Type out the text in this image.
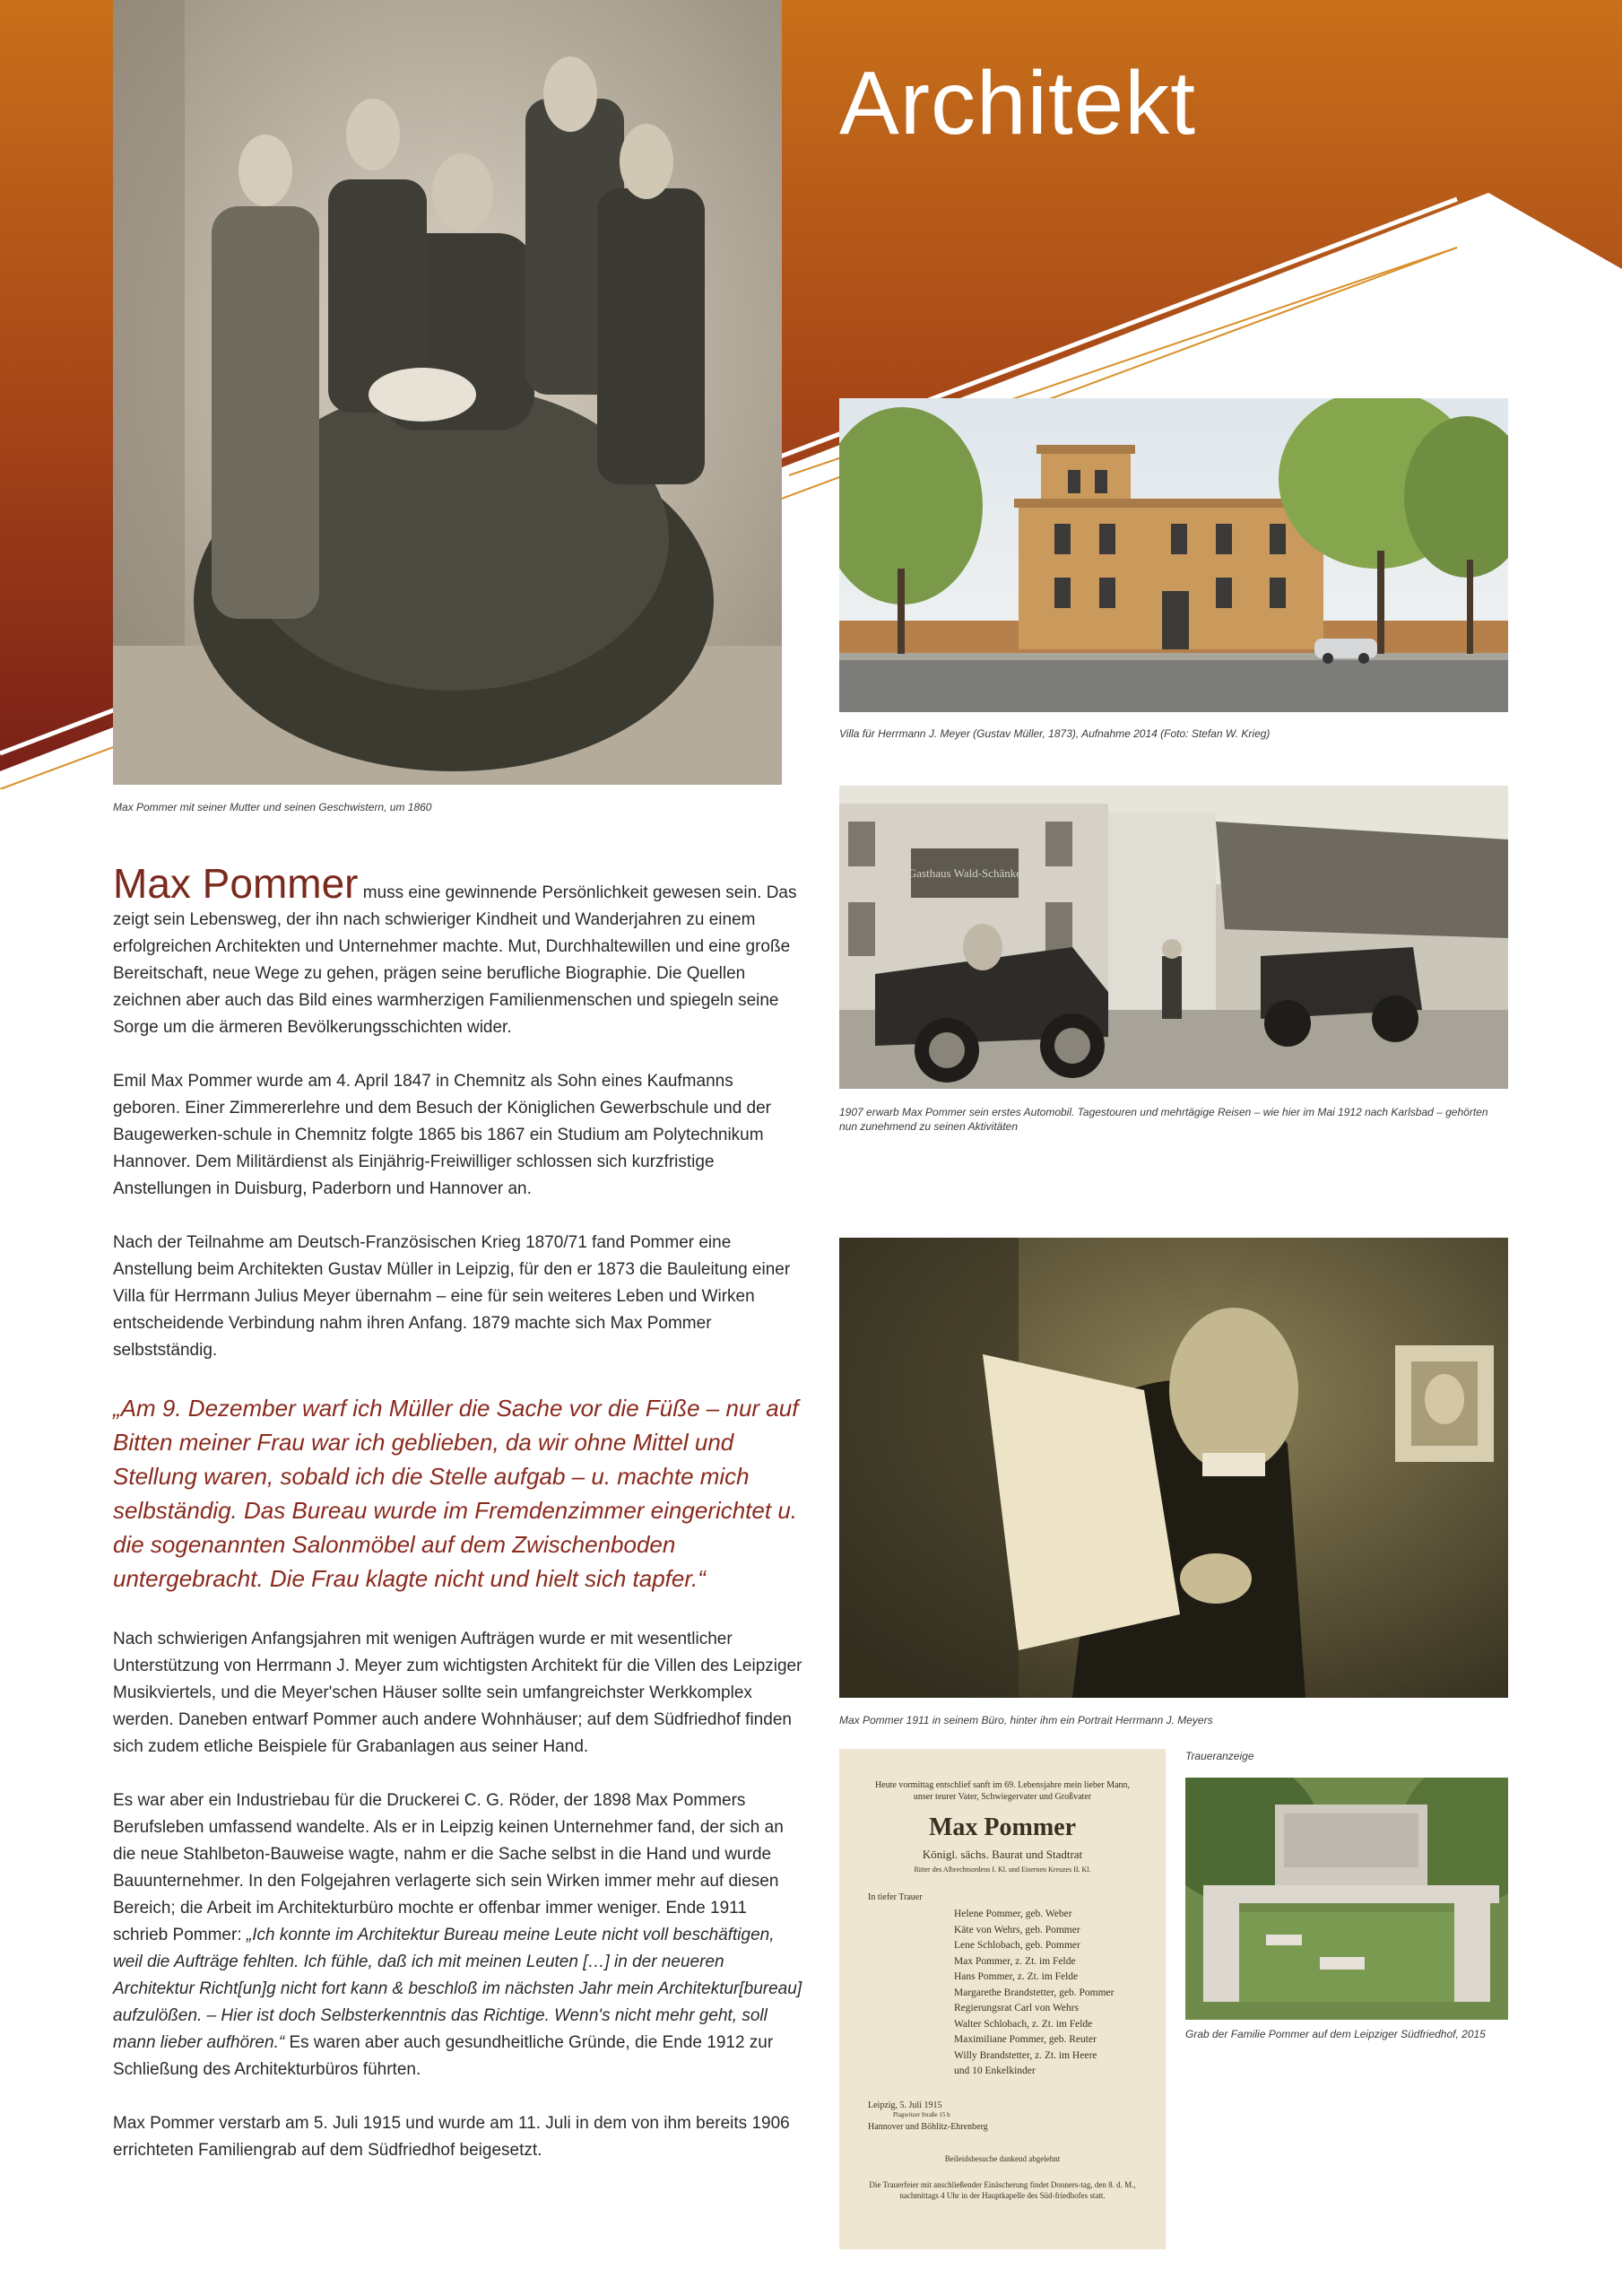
Architekt
Max Pommer mit seiner Mutter und seinen Geschwistern, um 1860
Villa für Herrmann J. Meyer (Gustav Müller, 1873), Aufnahme 2014 (Foto: Stefan W. Krieg)
Gasthaus Wald-Schänke
1907 erwarb Max Pommer sein erstes Automobil. Tagestouren und mehrtägige Reisen – wie hier im Mai 1912 nach Karlsbad – gehörten nun zunehmend zu seinen Aktivitäten
Max Pommer 1911 in seinem Büro, hinter ihm ein Portrait Herrmann J. Meyers
Traueranzeige
Heute vormittag entschlief sanft im 69. Lebensjahre mein lieber Mann, unser teurer Vater, Schwiegervater und Großvater
Max Pommer
Königl. sächs. Baurat und Stadtrat
Ritter des Albrechtsordens I. Kl. und Eisernen Kreuzes II. Kl.
In tiefer Trauer
Helene Pommer, geb. Weber
Käte von Wehrs, geb. Pommer
Lene Schlobach, geb. Pommer
Max Pommer, z. Zt. im Felde
Hans Pommer, z. Zt. im Felde
Margarethe Brandstetter, geb. Pommer
Regierungsrat Carl von Wehrs
Walter Schlobach, z. Zt. im Felde
Maximiliane Pommer, geb. Reuter
Willy Brandstetter, z. Zt. im Heere
und 10 Enkelkinder
Leipzig, 5. Juli 1915
Plagwitzer Straße 15 b
Hannover und Böhlitz-Ehrenberg
Beileidsbesuche dankend abgelehnt
Die Trauerfeier mit anschließender Einäscherung findet Donners-tag, den 8. d. M., nachmittags 4 Uhr in der Hauptkapelle des Süd-friedhofes statt.
Grab der Familie Pommer auf dem Leipziger Südfriedhof, 2015

Max Pommer muss eine gewinnende Persönlichkeit gewesen sein. Das zeigt sein Lebensweg, der ihn nach schwieriger Kindheit und Wanderjahren zu einem erfolgreichen Architekten und Unternehmer machte. Mut, Durchhaltewillen und eine große Bereitschaft, neue Wege zu gehen, prägen seine berufliche Biographie. Die Quellen zeichnen aber auch das Bild eines warmherzigen Familienmenschen und spiegeln seine Sorge um die ärmeren Bevölkerungsschichten wider.

Emil Max Pommer wurde am 4. April 1847 in Chemnitz als Sohn eines Kaufmanns geboren. Einer Zimmererlehre und dem Besuch der Königlichen Gewerbschule und der Baugewerken-schule in Chemnitz folgte 1865 bis 1867 ein Studium am Polytechnikum Hannover. Dem Militärdienst als Einjährig-Freiwilliger schlossen sich kurzfristige Anstellungen in Duisburg, Paderborn und Hannover an.

Nach der Teilnahme am Deutsch-Französischen Krieg 1870/71 fand Pommer eine Anstellung beim Architekten Gustav Müller in Leipzig, für den er 1873 die Bauleitung einer Villa für Herrmann Julius Meyer übernahm – eine für sein weiteres Leben und Wirken entscheidende Verbindung nahm ihren Anfang. 1879 machte sich Max Pommer selbstständig.

„Am 9. Dezember warf ich Müller die Sache vor die Füße – nur auf Bitten meiner Frau war ich geblieben, da wir ohne Mittel und Stellung waren, sobald ich die Stelle aufgab – u. machte mich selbständig. Das Bureau wurde im Fremdenzimmer eingerichtet u. die sogenannten Salonmöbel auf dem Zwischenboden untergebracht. Die Frau klagte nicht und hielt sich tapfer.“

Nach schwierigen Anfangsjahren mit wenigen Aufträgen wurde er mit wesentlicher Unterstützung von Herrmann J. Meyer zum wichtigsten Architekt für die Villen des Leipziger Musikviertels, und die Meyer'schen Häuser sollte sein umfangreichster Werkkomplex werden. Daneben entwarf Pommer auch andere Wohnhäuser; auf dem Südfriedhof finden sich zudem etliche Beispiele für Grabanlagen aus seiner Hand.

Es war aber ein Industriebau für die Druckerei C. G. Röder, der 1898 Max Pommers Berufsleben umfassend wandelte. Als er in Leipzig keinen Unternehmer fand, der sich an die neue Stahlbeton-Bauweise wagte, nahm er die Sache selbst in die Hand und wurde Bauunternehmer. In den Folgejahren verlagerte sich sein Wirken immer mehr auf diesen Bereich; die Arbeit im Architekturbüro mochte er offenbar immer weniger. Ende 1911 schrieb Pommer: „Ich konnte im Architektur Bureau meine Leute nicht voll beschäftigen, weil die Aufträge fehlten. Ich fühle, daß ich mit meinen Leuten […] in der neueren Architektur Richt[un]g nicht fort kann & beschloß im nächsten Jahr mein Architektur[bureau] aufzulößen. – Hier ist doch Selbsterkenntnis das Richtige. Wenn's nicht mehr geht, soll mann lieber aufhören.“ Es waren aber auch gesundheitliche Gründe, die Ende 1912 zur Schließung des Architekturbüros führten.

Max Pommer verstarb am 5. Juli 1915 und wurde am 11. Juli in dem von ihm bereits 1906 errichteten Familiengrab auf dem Südfriedhof beigesetzt.
